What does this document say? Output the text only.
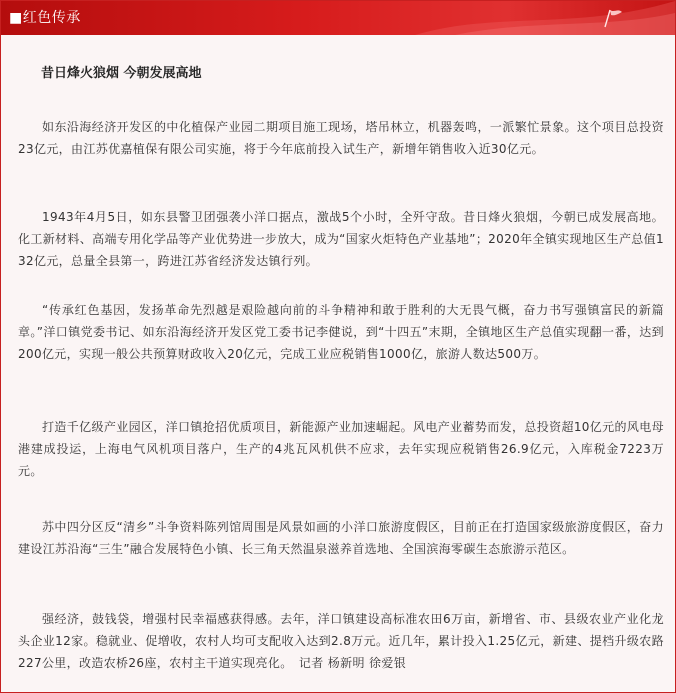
■红色传承
昔日烽火狼烟 今朝发展高地

如东沿海经济开发区的中化植保产业园二期项目施工现场，塔吊林立，机器轰鸣，一派繁忙景象。这个项目总投资23亿元，由江苏优嘉植保有限公司实施，将于今年底前投入试生产，新增年销售收入近30亿元。

1943年4月5日，如东县警卫团强袭小洋口据点，激战5个小时，全歼守敌。昔日烽火狼烟，今朝已成发展高地。化工新材料、高端专用化学品等产业优势进一步放大，成为“国家火炬特色产业基地”；2020年全镇实现地区生产总值132亿元，总量全县第一，跨进江苏省经济发达镇行列。

“传承红色基因，发扬革命先烈越是艰险越向前的斗争精神和敢于胜利的大无畏气概，奋力书写强镇富民的新篇章。”洋口镇党委书记、如东沿海经济开发区党工委书记李健说，到“十四五”末期，全镇地区生产总值实现翻一番，达到200亿元，实现一般公共预算财政收入20亿元，完成工业应税销售1000亿，旅游人数达500万。

打造千亿级产业园区，洋口镇抢招优质项目，新能源产业加速崛起。风电产业蓄势而发，总投资超10亿元的风电母港建成投运，上海电气风机项目落户，生产的4兆瓦风机供不应求，去年实现应税销售26.9亿元，入库税金7223万元。

苏中四分区反“清乡”斗争资料陈列馆周围是风景如画的小洋口旅游度假区，目前正在打造国家级旅游度假区，奋力建设江苏沿海“三生”融合发展特色小镇、长三角天然温泉滋养首选地、全国滨海零碳生态旅游示范区。

强经济，鼓钱袋，增强村民幸福感获得感。去年，洋口镇建设高标准农田6万亩，新增省、市、县级农业产业化龙头企业12家。稳就业、促增收，农村人均可支配收入达到2.8万元。近几年，累计投入1.25亿元，新建、提档升级农路227公里，改造农桥26座，农村主干道实现亮化。　记者 杨新明 徐爱银
